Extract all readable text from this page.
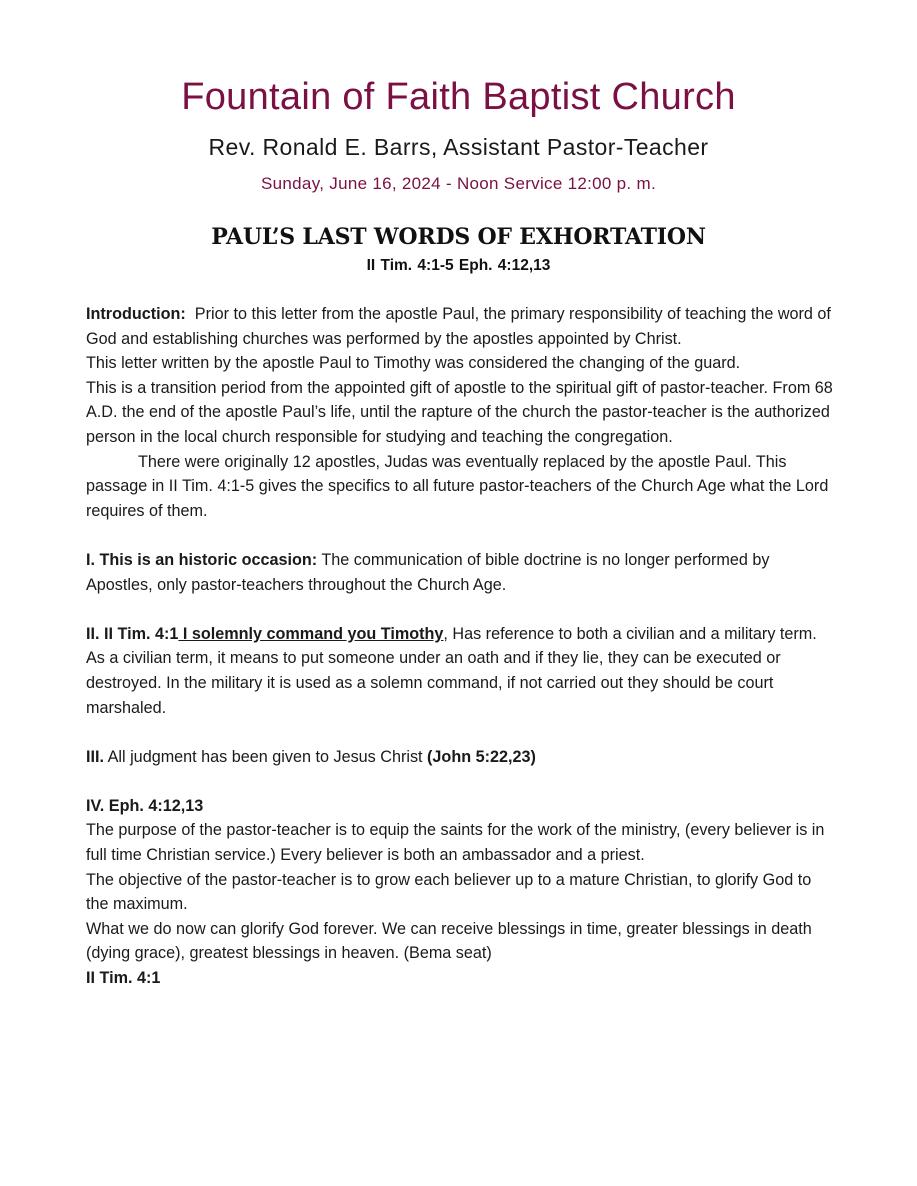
Fountain of Faith Baptist Church
Rev. Ronald E. Barrs, Assistant Pastor-Teacher
Sunday, June 16, 2024 - Noon Service 12:00 p. m.
PAUL’S LAST WORDS OF EXHORTATION
II Tim. 4:1-5 Eph. 4:12,13

Introduction: Prior to this letter from the apostle Paul, the primary responsibility of teaching the word of God and establishing churches was performed by the apostles appointed by Christ.

This letter written by the apostle Paul to Timothy was considered the changing of the guard.

This is a transition period from the appointed gift of apostle to the spiritual gift of pastor-teacher. From 68 A.D. the end of the apostle Paul’s life, until the rapture of the church the pastor-teacher is the authorized person in the local church responsible for studying and teaching the congregation.

There were originally 12 apostles, Judas was eventually replaced by the apostle Paul. This passage in II Tim. 4:1-5 gives the specifics to all future pastor-teachers of the Church Age what the Lord requires of them.

I. This is an historic occasion: The communication of bible doctrine is no longer performed by Apostles, only pastor-teachers throughout the Church Age.

II. II Tim. 4:1 I solemnly command you Timothy, Has reference to both a civilian and a military term. As a civilian term, it means to put someone under an oath and if they lie, they can be executed or destroyed. In the military it is used as a solemn command, if not carried out they should be court marshaled.

III. All judgment has been given to Jesus Christ (John 5:22,23)

IV. Eph. 4:12,13

The purpose of the pastor-teacher is to equip the saints for the work of the ministry, (every believer is in full time Christian service.) Every believer is both an ambassador and a priest.

The objective of the pastor-teacher is to grow each believer up to a mature Christian, to glorify God to the maximum.

What we do now can glorify God forever. We can receive blessings in time, greater blessings in death (dying grace), greatest blessings in heaven. (Bema seat)

II Tim. 4:1
